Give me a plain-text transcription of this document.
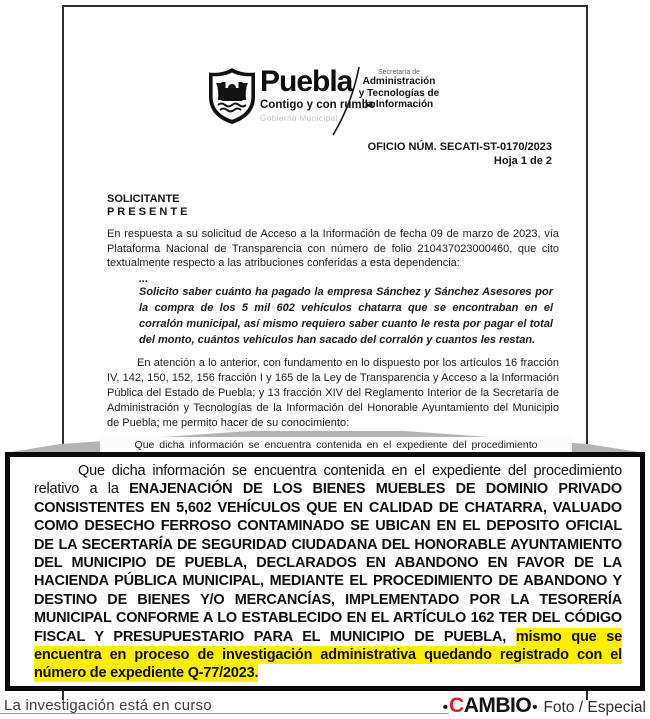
Puebla
Contigo y con rumbo
Gobierno Municipal
Secretaría de
Administración
y Tecnologías de
la Información
OFICIO NÚM. SECATI-ST-0170/2023
Hoja 1 de 2
SOLICITANTE
P R E S E N T E

En respuesta a su solicitud de Acceso a la Información de fecha 09 de marzo de 2023, vía Plataforma Nacional de Transparencia con número de folio 210437023000460, que cito textualmente respecto a las atribuciones conferidas a esta dependencia:

...

Solicito saber cuánto ha pagado la empresa Sánchez y Sánchez Asesores por la compra de los 5 mil 602 vehículos chatarra que se encontraban en el corralón municipal, así mismo requiero saber cuanto le resta por pagar el total del monto, cuántos vehículos han sacado del corralón y cuantos les restan.

En atención a lo anterior, con fundamento en lo dispuesto por los artículos 16 fracción IV, 142, 150, 152, 156 fracción I y 165 de la Ley de Transparencia y Acceso a la Información Pública del Estado de Puebla; y 13 fracción XIV del Reglamento Interior de la Secretaría de Administración y Tecnologías de la Información del Honorable Ayuntamiento del Municipio de Puebla; me permito hacer de su conocimiento:

Que dicha información se encuentra contenida en el expediente del procedimiento

Que dicha información se encuentra contenida en el expediente del procedimiento relativo a la ENAJENACIÓN DE LOS BIENES MUEBLES DE DOMINIO PRIVADO CONSISTENTES EN 5,602 VEHÍCULOS QUE EN CALIDAD DE CHATARRA, VALUADO COMO DESECHO FERROSO CONTAMINADO SE UBICAN EN EL DEPOSITO OFICIAL DE LA SECERTARÍA DE SEGURIDAD CIUDADANA DEL HONORABLE AYUNTAMIENTO DEL MUNICIPIO DE PUEBLA, DECLARADOS EN ABANDONO EN FAVOR DE LA HACIENDA PÚBLICA MUNICIPAL, MEDIANTE EL PROCEDIMIENTO DE ABANDONO Y DESTINO DE BIENES Y/O MERCANCÍAS, IMPLEMENTADO POR LA TESORERÍA MUNICIPAL CONFORME A LO ESTABLECIDO EN EL ARTÍCULO 162 TER DEL CÓDIGO FISCAL Y PRESUPUESTARIO PARA EL MUNICIPIO DE PUEBLA, mismo que se encuentra en proceso de investigación administrativa quedando registrado con el número de expediente Q-77/2023.

La investigación está en curso	• C AMBIO • Foto / Especial
